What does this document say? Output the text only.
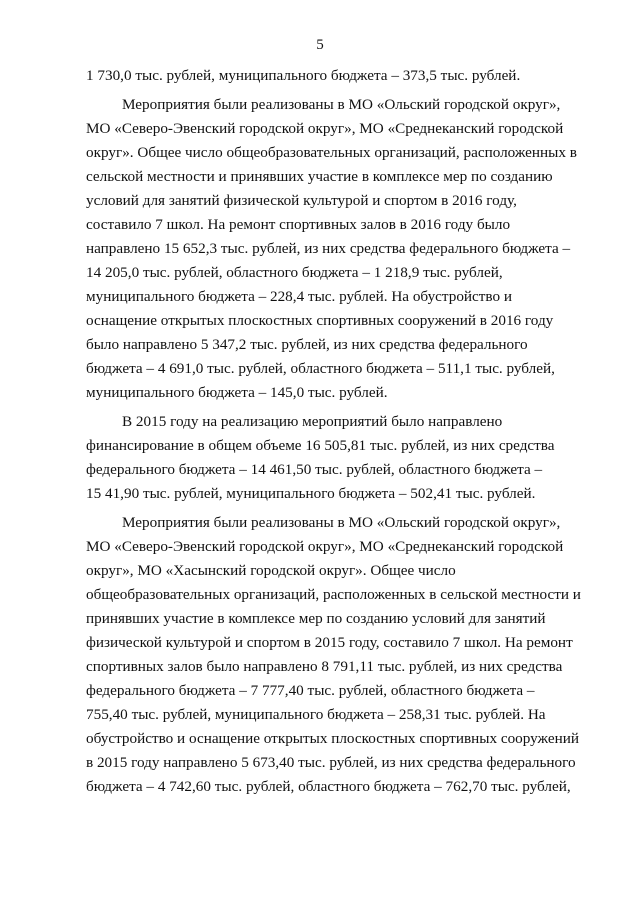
5
1 730,0 тыс. рублей, муниципального бюджета – 373,5 тыс. рублей.
Мероприятия были реализованы в МО «Ольский городской округ»,
МО «Северо-Эвенский городской округ», МО «Среднеканский городской
округ». Общее число общеобразовательных организаций, расположенных в
сельской местности и принявших участие в комплексе мер по созданию
условий для занятий физической культурой и спортом в 2016 году,
составило 7 школ. На ремонт спортивных залов в 2016 году было
направлено 15 652,3 тыс. рублей, из них средства федерального бюджета –
14 205,0 тыс. рублей, областного бюджета – 1 218,9 тыс. рублей,
муниципального бюджета – 228,4 тыс. рублей. На обустройство и
оснащение открытых плоскостных спортивных сооружений в 2016 году
было направлено 5 347,2 тыс. рублей, из них средства федерального
бюджета – 4 691,0 тыс. рублей, областного бюджета – 511,1 тыс. рублей,
муниципального бюджета – 145,0 тыс. рублей.
В 2015 году на реализацию мероприятий было направлено
финансирование в общем объеме 16 505,81 тыс. рублей, из них средства
федерального бюджета – 14 461,50 тыс. рублей, областного бюджета –
15 41,90 тыс. рублей, муниципального бюджета – 502,41 тыс. рублей.
Мероприятия были реализованы в МО «Ольский городской округ»,
МО «Северо-Эвенский городской округ», МО «Среднеканский городской
округ», МО «Хасынский городской округ». Общее число
общеобразовательных организаций, расположенных в сельской местности и
принявших участие в комплексе мер по созданию условий для занятий
физической культурой и спортом в 2015 году, составило 7 школ. На ремонт
спортивных залов было направлено 8 791,11 тыс. рублей, из них средства
федерального бюджета – 7 777,40 тыс. рублей, областного бюджета –
755,40 тыс. рублей, муниципального бюджета – 258,31 тыс. рублей. На
обустройство и оснащение открытых плоскостных спортивных сооружений
в 2015 году направлено 5 673,40 тыс. рублей, из них средства федерального
бюджета – 4 742,60 тыс. рублей, областного бюджета – 762,70 тыс. рублей,
